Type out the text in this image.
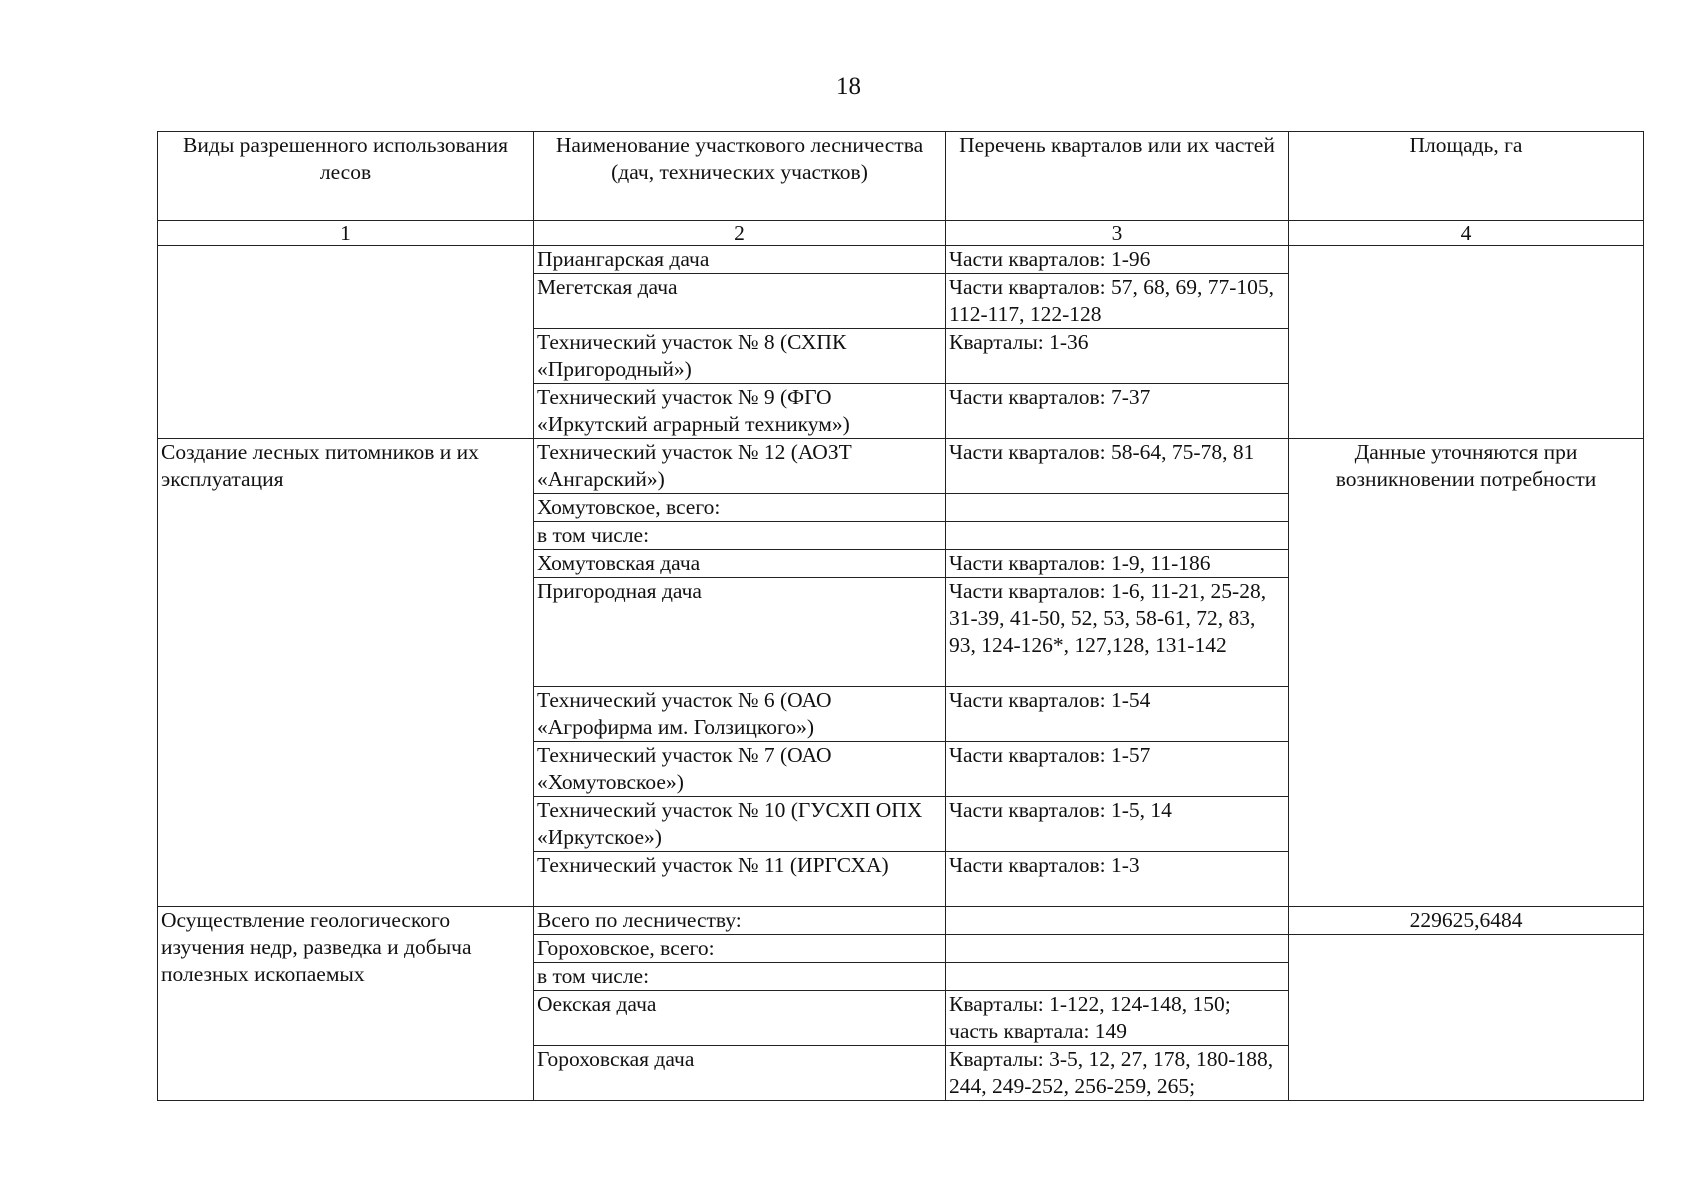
18
Виды разрешенного использования лесов	Наименование участкового лесничества (дач, технических участков)	Перечень кварталов или их частей	Площадь, га
1	2	3	4
	Приангарская дача	Части кварталов: 1-96	
	Мегетская дача	Части кварталов: 57, 68, 69, 77-105, 112-117, 122-128	
	Технический участок № 8 (СХПК «Пригородный»)	Кварталы: 1-36	
	Технический участок № 9 (ФГО «Иркутский аграрный техникум»)	Части кварталов: 7-37	
Создание лесных питомников и их эксплуатация	Технический участок № 12 (АОЗТ «Ангарский»)	Части кварталов: 58-64, 75-78, 81	Данные уточняются при возникновении потребности
	Хомутовское, всего:		
	в том числе:		
	Хомутовская дача	Части кварталов: 1-9, 11-186	
	Пригородная дача	Части кварталов: 1-6, 11-21, 25-28, 31-39, 41-50, 52, 53, 58-61, 72, 83, 93, 124-126*, 127,128, 131-142	
	Технический участок № 6 (ОАО «Агрофирма им. Голзицкого»)	Части кварталов: 1-54	
	Технический участок № 7 (ОАО «Хомутовское»)	Части кварталов: 1-57	
	Технический участок № 10 (ГУСХП ОПХ «Иркутское»)	Части кварталов: 1-5, 14	
	Технический участок № 11 (ИРГСХА)	Части кварталов: 1-3	
Осуществление геологического изучения недр, разведка и добыча полезных ископаемых	Всего по лесничеству:		229625,6484
	Гороховское, всего:		
	в том числе:		
	Оекская дача	Кварталы: 1-122, 124-148, 150; часть квартала: 149	
	Гороховская дача	Кварталы: 3-5, 12, 27, 178, 180-188, 244, 249-252, 256-259, 265;	
